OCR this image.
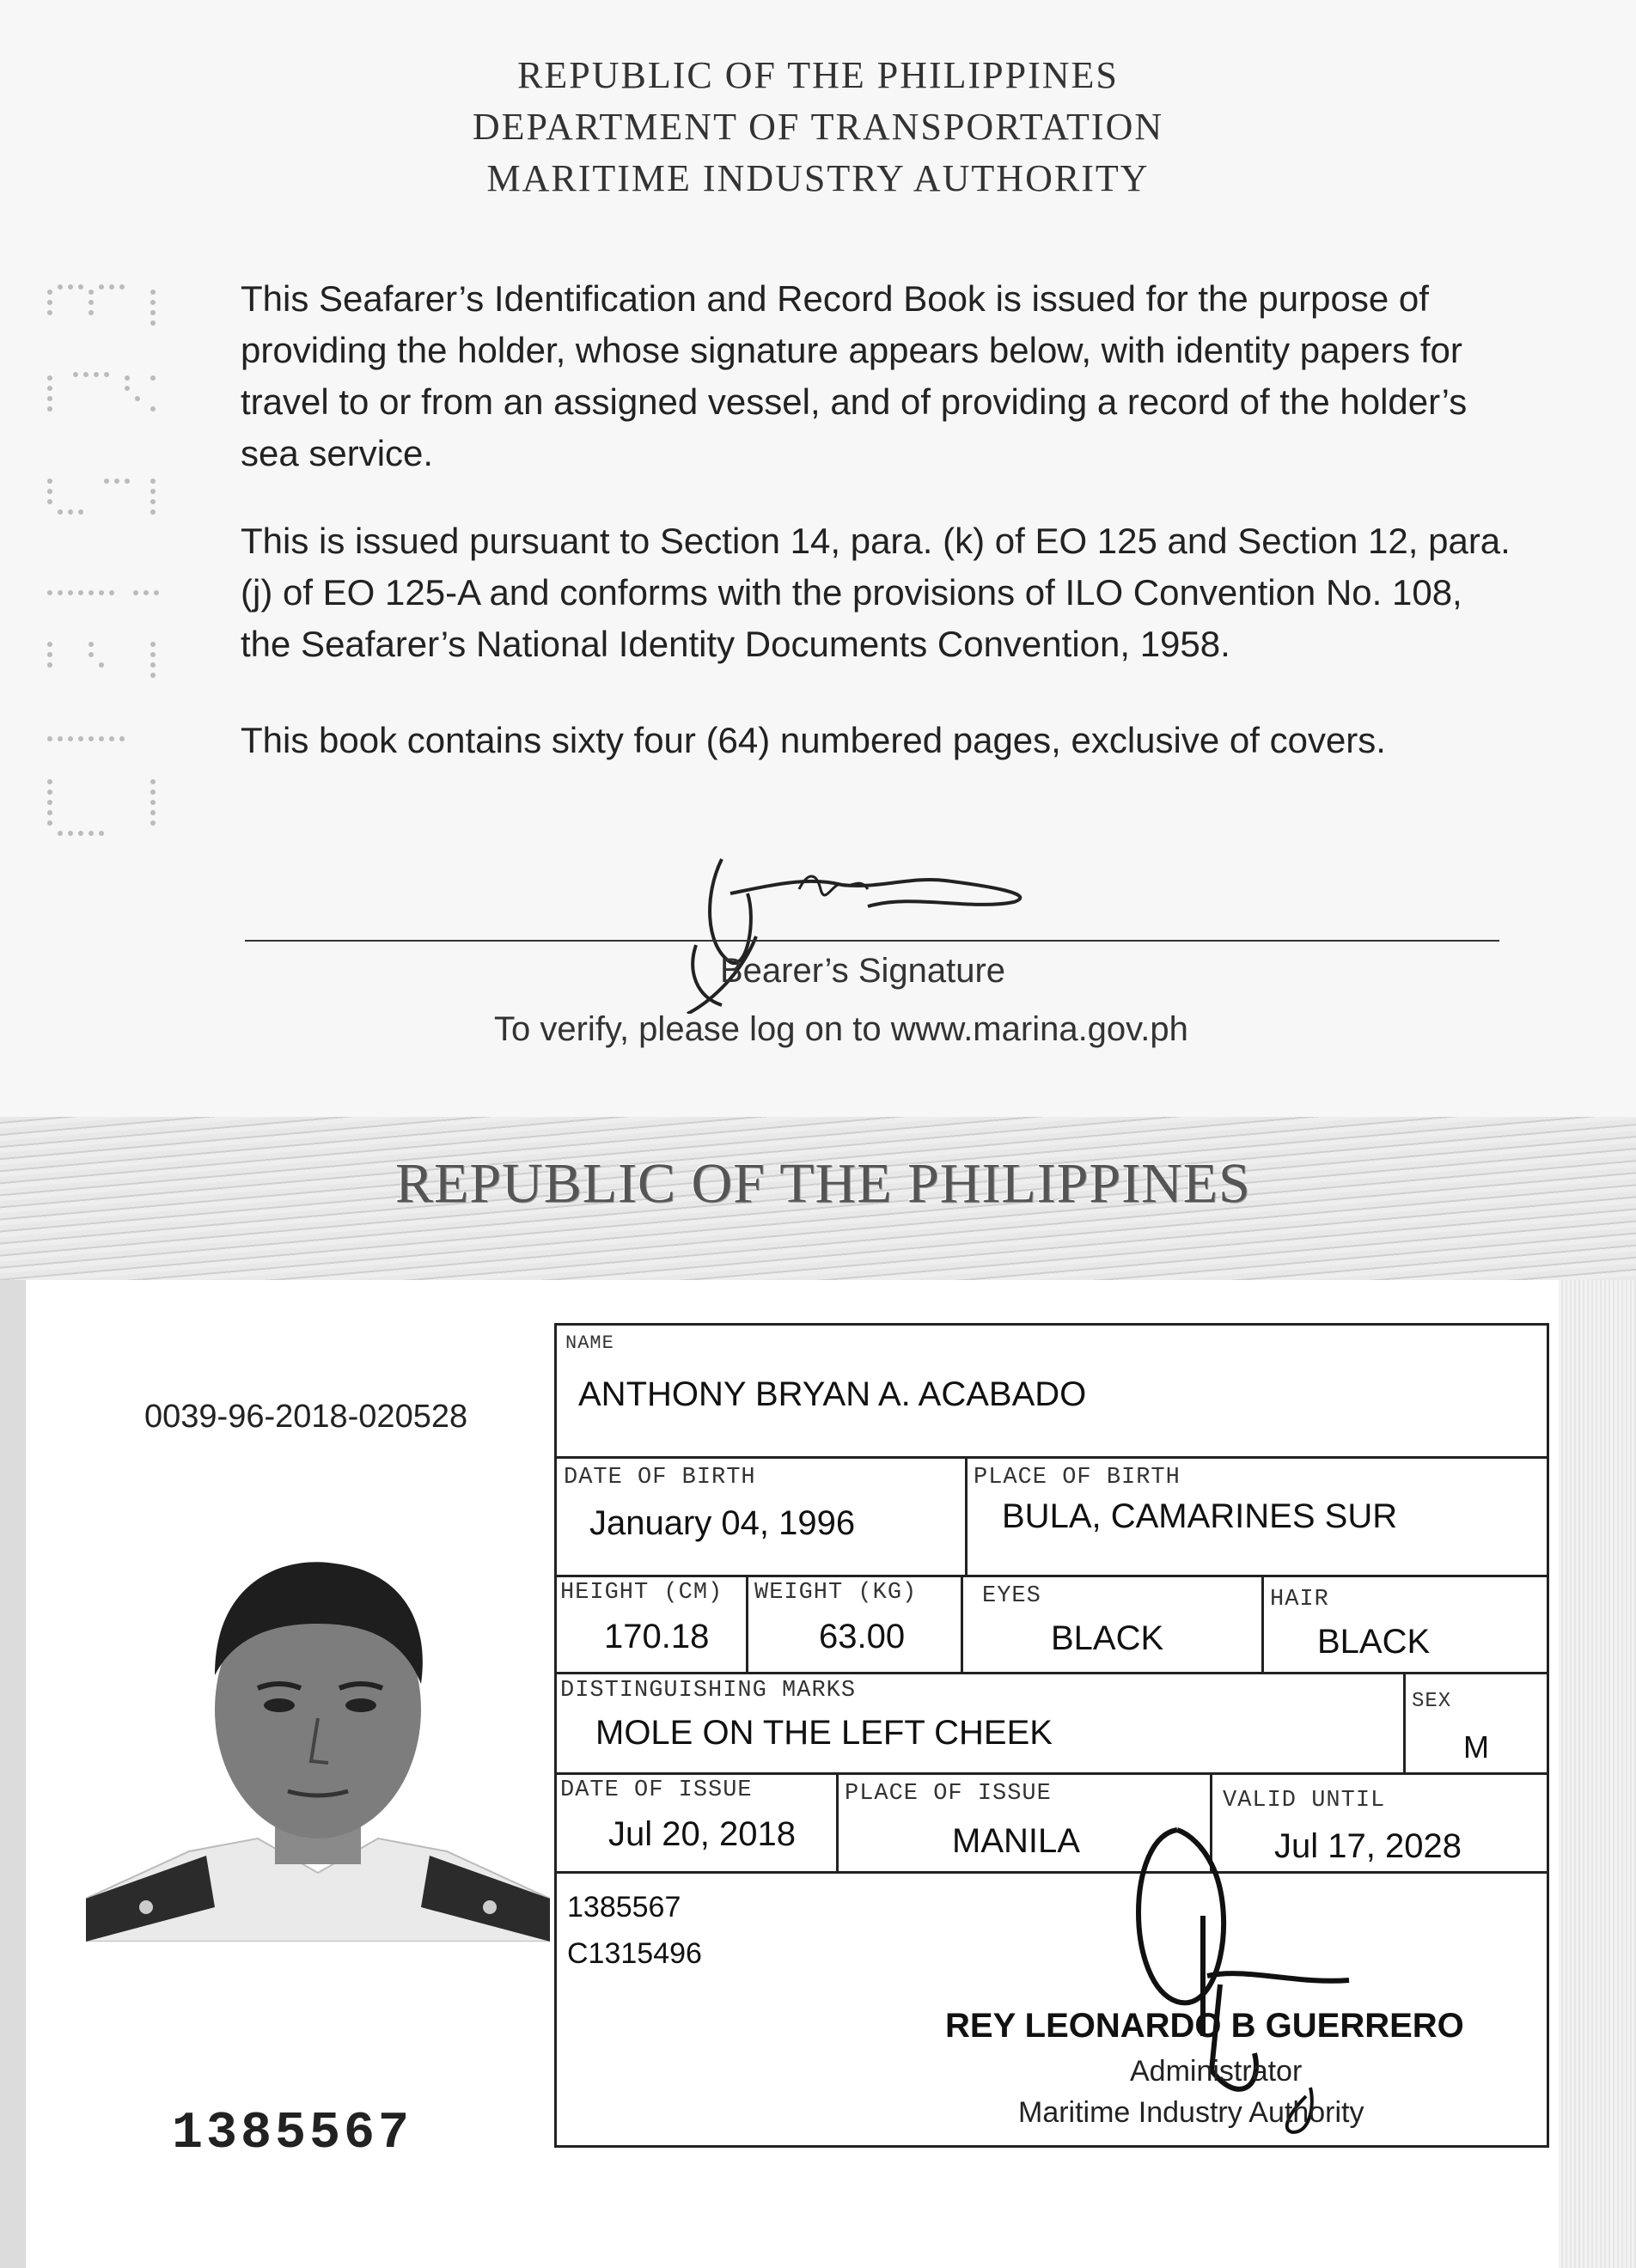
REPUBLIC OF THE PHILIPPINES
DEPARTMENT OF TRANSPORTATION
MARITIME INDUSTRY AUTHORITY
This Seafarer’s Identification and Record Book is issued for the purpose of providing the holder, whose signature appears below, with identity papers for travel to or from an assigned vessel, and of providing a record of the holder’s sea service.
This is issued pursuant to Section 14, para. (k) of EO 125 and Section 12, para. (j) of EO 125-A and conforms with the provisions of ILO Convention No. 108, the Seafarer’s National Identity Documents Convention, 1958.
This book contains sixty four (64) numbered pages, exclusive of covers.
Bearer’s Signature
To verify, please log on to www.marina.gov.ph
REPUBLIC OF THE PHILIPPINES
0039-96-2018-020528
1385567
NAME
ANTHONY BRYAN A. ACABADO
DATE OF BIRTH
January 04, 1996
PLACE OF BIRTH
BULA, CAMARINES SUR
HEIGHT (CM)
170.18
WEIGHT (KG)
63.00
EYES
BLACK
HAIR
BLACK
DISTINGUISHING MARKS
MOLE ON THE LEFT CHEEK
SEX
M
DATE OF ISSUE
Jul 20, 2018
PLACE OF ISSUE
MANILA
VALID UNTIL
Jul 17, 2028
1385567
C1315496
REY LEONARDO B GUERRERO
Administrator
Maritime Industry Authority
